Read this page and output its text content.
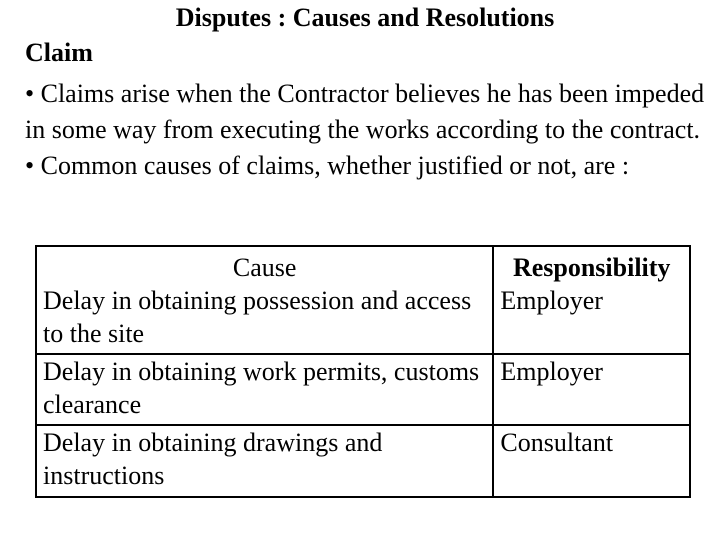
Disputes : Causes and Resolutions
Claim

• Claims arise when the Contractor believes he has been impeded in some way from executing the works according to the contract.

• Common causes of claims, whether justified or not, are :

Cause	Responsibility
Delay in obtaining possession and access to the site	Employer
Delay in obtaining work permits, customs clearance	Employer
Delay in obtaining drawings and instructions	Consultant
